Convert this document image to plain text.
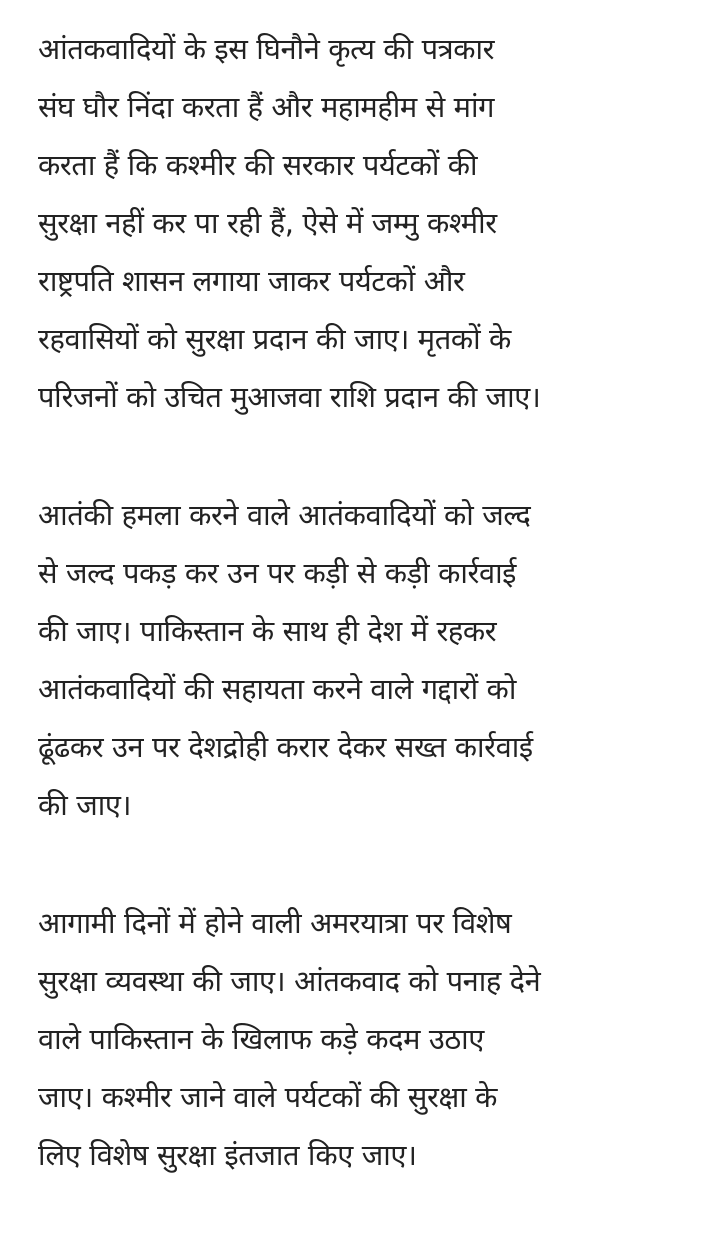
आंतकवादियों के इस घिनौने कृत्य की पत्रकार
संघ घौर निंदा करता हैं और महामहीम से मांग
करता हैं कि कश्मीर की सरकार पर्यटकों की
सुरक्षा नहीं कर पा रही हैं, ऐसे में जम्मु कश्मीर
राष्ट्रपति शासन लगाया जाकर पर्यटकों और
रहवासियों को सुरक्षा प्रदान की जाए। मृतकों के
परिजनों को उचित मुआजवा राशि प्रदान की जाए।
आतंकी हमला करने वाले आतंकवादियों को जल्द
से जल्द पकड़ कर उन पर कड़ी से कड़ी कार्रवाई
की जाए। पाकिस्तान के साथ ही देश में रहकर
आतंकवादियों की सहायता करने वाले गद्दारों को
ढूंढकर उन पर देशद्रोही करार देकर सख्त कार्रवाई
की जाए।
आगामी दिनों में होने वाली अमरयात्रा पर विशेष
सुरक्षा व्यवस्था की जाए। आंतकवाद को पनाह देने
वाले पाकिस्तान के खिलाफ कड़े कदम उठाए
जाए। कश्मीर जाने वाले पर्यटकों की सुरक्षा के
लिए विशेष सुरक्षा इंतजात किए जाए।
